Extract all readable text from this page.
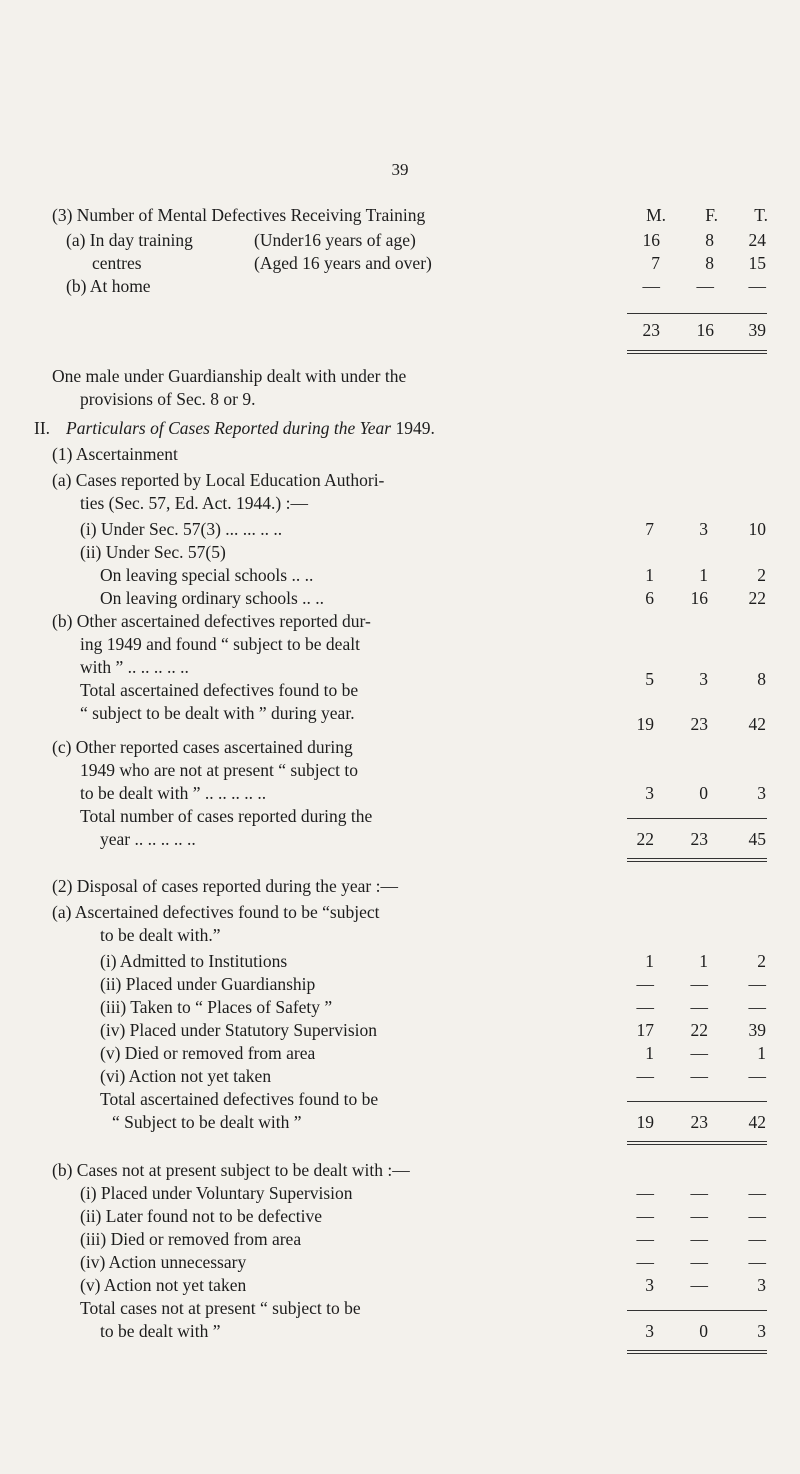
39
(3) Number of Mental Defectives Receiving Training	M.	F.	T.
(a) In day training	(Under16 years of age)	16	8	24
centres	(Aged 16 years and over)	7	8	15
(b) At home	—	—	—
23	16	39
One male under Guardianship dealt with under the
provisions of Sec. 8 or 9.
II. Particulars of Cases Reported during the Year 1949.
(1) Ascertainment
(a) Cases reported by Local Education Authori-
ties (Sec. 57, Ed. Act. 1944.) :—
(i) Under Sec. 57(3) ... ... .. ..	7	3	10
(ii) Under Sec. 57(5)
On leaving special schools .. ..	1	1	2
On leaving ordinary schools .. ..	6	16	22
(b) Other ascertained defectives reported dur-
ing 1949 and found “ subject to be dealt
with ” .. .. .. .. ..
5	3	8
Total ascertained defectives found to be
“ subject to be dealt with ” during year.
19	23	42
(c) Other reported cases ascertained during
1949 who are not at present “ subject to
to be dealt with ” .. .. .. .. ..	3	0	3
Total number of cases reported during the
year .. .. .. .. ..	22	23	45
(2) Disposal of cases reported during the year :—
(a) Ascertained defectives found to be “subject
to be dealt with.”
(i) Admitted to Institutions	1	1	2
(ii) Placed under Guardianship	—	—	—
(iii) Taken to “ Places of Safety ”	—	—	—
(iv) Placed under Statutory Supervision	17	22	39
(v) Died or removed from area	1	—	1
(vi) Action not yet taken	—	—	—
Total ascertained defectives found to be
“ Subject to be dealt with ”	19	23	42
(b) Cases not at present subject to be dealt with :—
(i) Placed under Voluntary Supervision	—	—	—
(ii) Later found not to be defective	—	—	—
(iii) Died or removed from area	—	—	—
(iv) Action unnecessary	—	—	—
(v) Action not yet taken	3	—	3
Total cases not at present “ subject to be
to be dealt with ”	3	0	3
